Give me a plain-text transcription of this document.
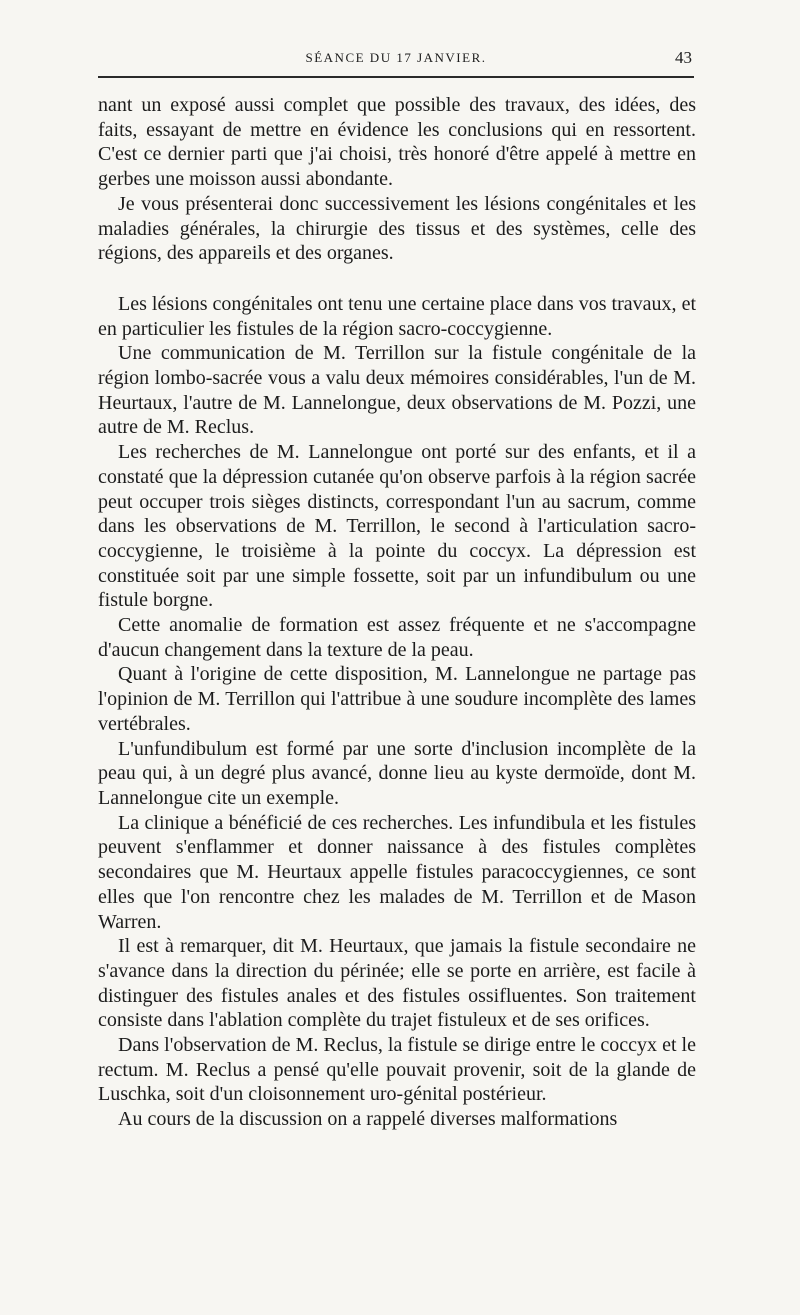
SÉANCE DU 17 JANVIER.	43

nant un exposé aussi complet que possible des travaux, des idées, des faits, essayant de mettre en évidence les conclusions qui en ressortent. C'est ce dernier parti que j'ai choisi, très honoré d'être appelé à mettre en gerbes une moisson aussi abondante.

Je vous présenterai donc successivement les lésions congénitales et les maladies générales, la chirurgie des tissus et des systèmes, celle des régions, des appareils et des organes.

Les lésions congénitales ont tenu une certaine place dans vos travaux, et en particulier les fistules de la région sacro-coccygienne.

Une communication de M. Terrillon sur la fistule congénitale de la région lombo-sacrée vous a valu deux mémoires considérables, l'un de M. Heurtaux, l'autre de M. Lannelongue, deux observations de M. Pozzi, une autre de M. Reclus.

Les recherches de M. Lannelongue ont porté sur des enfants, et il a constaté que la dépression cutanée qu'on observe parfois à la région sacrée peut occuper trois sièges distincts, correspondant l'un au sacrum, comme dans les observations de M. Terrillon, le second à l'articulation sacro-coccygienne, le troisième à la pointe du coccyx. La dépression est constituée soit par une simple fossette, soit par un infundibulum ou une fistule borgne.

Cette anomalie de formation est assez fréquente et ne s'accompagne d'aucun changement dans la texture de la peau.

Quant à l'origine de cette disposition, M. Lannelongue ne partage pas l'opinion de M. Terrillon qui l'attribue à une soudure incomplète des lames vertébrales.

L'unfundibulum est formé par une sorte d'inclusion incomplète de la peau qui, à un degré plus avancé, donne lieu au kyste dermoïde, dont M. Lannelongue cite un exemple.

La clinique a bénéficié de ces recherches. Les infundibula et les fistules peuvent s'enflammer et donner naissance à des fistules complètes secondaires que M. Heurtaux appelle fistules paracoccygiennes, ce sont elles que l'on rencontre chez les malades de M. Terrillon et de Mason Warren.

Il est à remarquer, dit M. Heurtaux, que jamais la fistule secondaire ne s'avance dans la direction du périnée; elle se porte en arrière, est facile à distinguer des fistules anales et des fistules ossifluentes. Son traitement consiste dans l'ablation complète du trajet fistuleux et de ses orifices.

Dans l'observation de M. Reclus, la fistule se dirige entre le coccyx et le rectum. M. Reclus a pensé qu'elle pouvait provenir, soit de la glande de Luschka, soit d'un cloisonnement uro-génital postérieur.

Au cours de la discussion on a rappelé diverses malformations
